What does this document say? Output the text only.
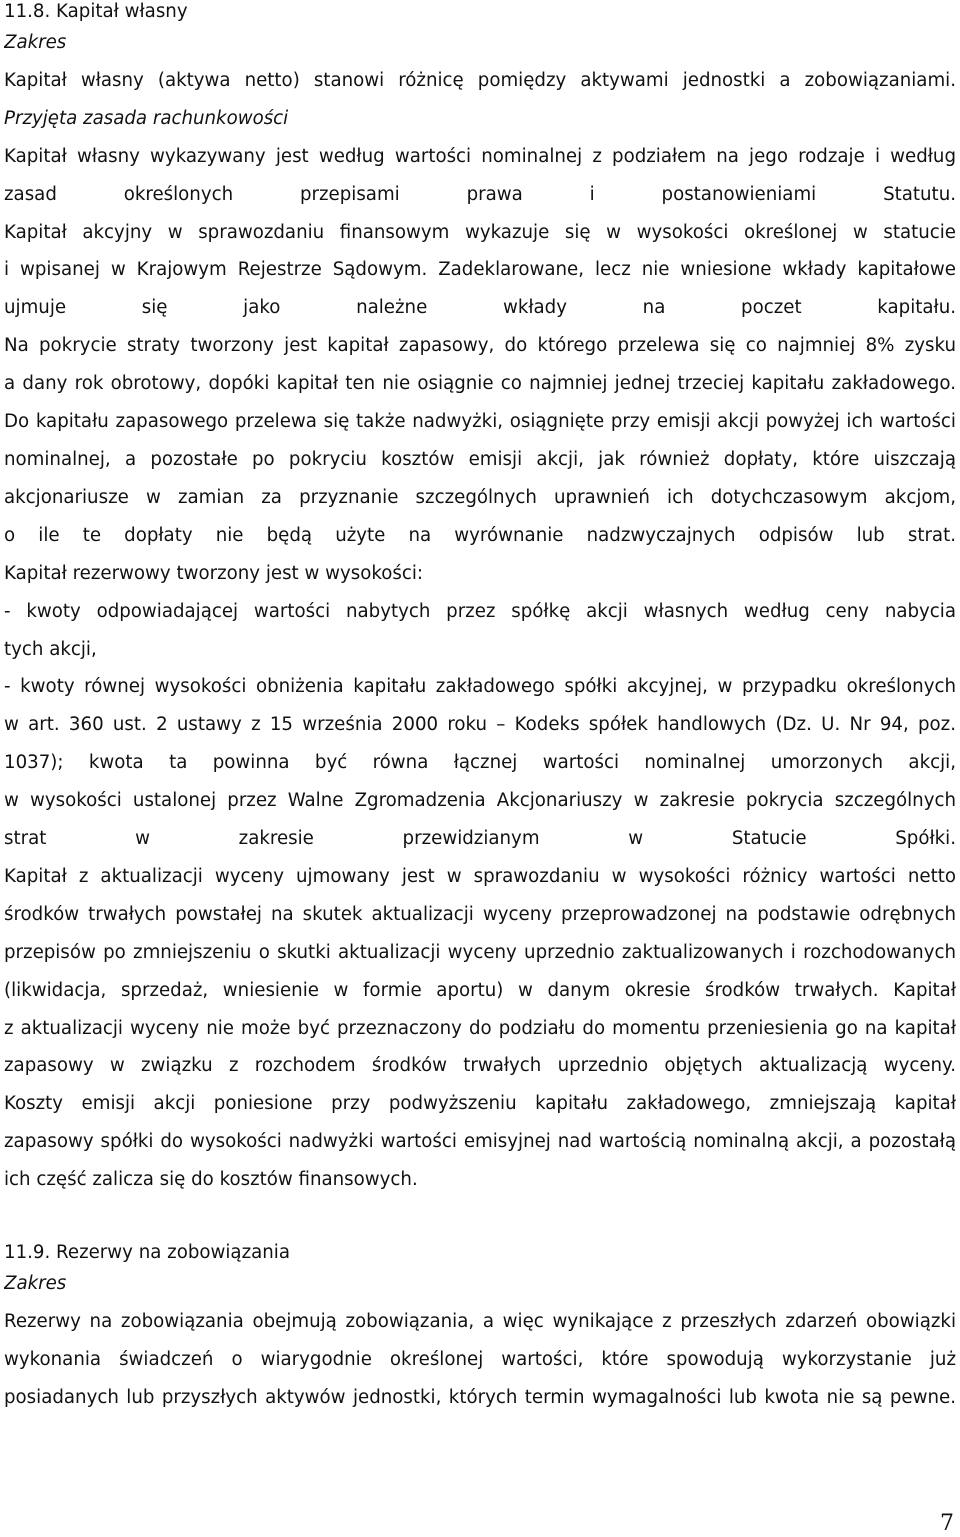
11.8. Kapitał własny

Zakres

Kapitał własny (aktywa netto) stanowi różnicę pomiędzy aktywami jednostki a zobowiązaniami.

Przyjęta zasada rachunkowości

Kapitał własny wykazywany jest według wartości nominalnej z podziałem na jego rodzaje i według

zasad określonych przepisami prawa i postanowieniami Statutu.

Kapitał akcyjny w sprawozdaniu finansowym wykazuje się w wysokości określonej w statucie

i wpisanej w Krajowym Rejestrze Sądowym. Zadeklarowane, lecz nie wniesione wkłady kapitałowe

ujmuje się jako należne wkłady na poczet kapitału.

Na pokrycie straty tworzony jest kapitał zapasowy, do którego przelewa się co najmniej 8% zysku

a dany rok obrotowy, dopóki kapitał ten nie osiągnie co najmniej jednej trzeciej kapitału zakładowego.

Do kapitału zapasowego przelewa się także nadwyżki, osiągnięte przy emisji akcji powyżej ich wartości

nominalnej, a pozostałe po pokryciu kosztów emisji akcji, jak również dopłaty, które uiszczają

akcjonariusze w zamian za przyznanie szczególnych uprawnień ich dotychczasowym akcjom,

o ile te dopłaty nie będą użyte na wyrównanie nadzwyczajnych odpisów lub strat.

Kapitał rezerwowy tworzony jest w wysokości:

- kwoty odpowiadającej wartości nabytych przez spółkę akcji własnych według ceny nabycia

tych akcji,

- kwoty równej wysokości obniżenia kapitału zakładowego spółki akcyjnej, w przypadku określonych

w art. 360 ust. 2 ustawy z 15 września 2000 roku – Kodeks spółek handlowych (Dz. U. Nr 94, poz.

1037); kwota ta powinna być równa łącznej wartości nominalnej umorzonych akcji,

w wysokości ustalonej przez Walne Zgromadzenia Akcjonariuszy w zakresie pokrycia szczególnych

strat w zakresie przewidzianym w Statucie Spółki.

Kapitał z aktualizacji wyceny ujmowany jest w sprawozdaniu w wysokości różnicy wartości netto

środków trwałych powstałej na skutek aktualizacji wyceny przeprowadzonej na podstawie odrębnych

przepisów po zmniejszeniu o skutki aktualizacji wyceny uprzednio zaktualizowanych i rozchodowanych

(likwidacja, sprzedaż, wniesienie w formie aportu) w danym okresie środków trwałych. Kapitał

z aktualizacji wyceny nie może być przeznaczony do podziału do momentu przeniesienia go na kapitał

zapasowy w związku z rozchodem środków trwałych uprzednio objętych aktualizacją wyceny.

Koszty emisji akcji poniesione przy podwyższeniu kapitału zakładowego, zmniejszają kapitał

zapasowy spółki do wysokości nadwyżki wartości emisyjnej nad wartością nominalną akcji, a pozostałą

ich część zalicza się do kosztów finansowych.

11.9. Rezerwy na zobowiązania

Zakres

Rezerwy na zobowiązania obejmują zobowiązania, a więc wynikające z przeszłych zdarzeń obowiązki

wykonania świadczeń o wiarygodnie określonej wartości, które spowodują wykorzystanie już

posiadanych lub przyszłych aktywów jednostki, których termin wymagalności lub kwota nie są pewne.

7
